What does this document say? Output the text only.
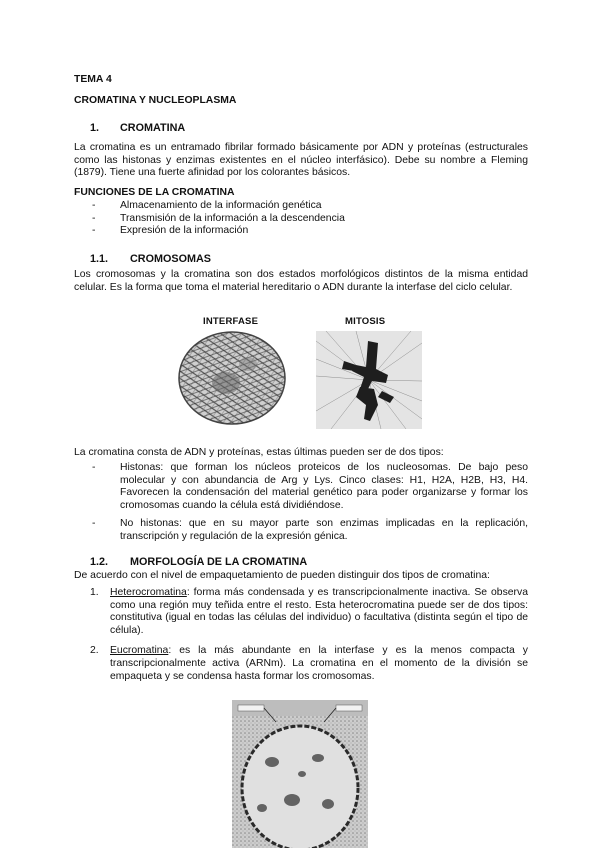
TEMA 4
CROMATINA Y NUCLEOPLASMA
1. CROMATINA
La cromatina es un entramado fibrilar formado básicamente por ADN y proteínas (estructurales como las histonas y enzimas existentes en el núcleo interfásico). Debe su nombre a Fleming (1879). Tiene una fuerte afinidad por los colorantes básicos.
FUNCIONES DE LA CROMATINA
- Almacenamiento de la información genética
- Transmisión de la información a la descendencia
- Expresión de la información
1.1. CROMOSOMAS
Los cromosomas y la cromatina son dos estados morfológicos distintos de la misma entidad celular. Es la forma que toma el material hereditario o ADN durante la interfase del ciclo celular.
INTERFASE	MITOSIS
La cromatina consta de ADN y proteínas, estas últimas pueden ser de dos tipos:
- Histonas: que forman los núcleos proteicos de los nucleosomas. De bajo peso molecular y con abundancia de Arg y Lys. Cinco clases: H1, H2A, H2B, H3, H4. Favorecen la condensación del material genético para poder organizarse y formar los cromosomas cuando la célula está dividiéndose.
- No histonas: que en su mayor parte son enzimas implicadas en la replicación, transcripción y regulación de la expresión génica.
1.2. MORFOLOGÍA DE LA CROMATINA
De acuerdo con el nivel de empaquetamiento de pueden distinguir dos tipos de cromatina:
1. Heterocromatina: forma más condensada y es transcripcionalmente inactiva. Se observa como una región muy teñida entre el resto. Esta heterocromatina puede ser de dos tipos: constitutiva (igual en todas las células del individuo) o facultativa (distinta según el tipo de célula).
2. Eucromatina: es la más abundante en la interfase y es la menos compacta y transcripcionalmente activa (ARNm). La cromatina en el momento de la división se empaqueta y se condensa hasta formar los cromosomas.
